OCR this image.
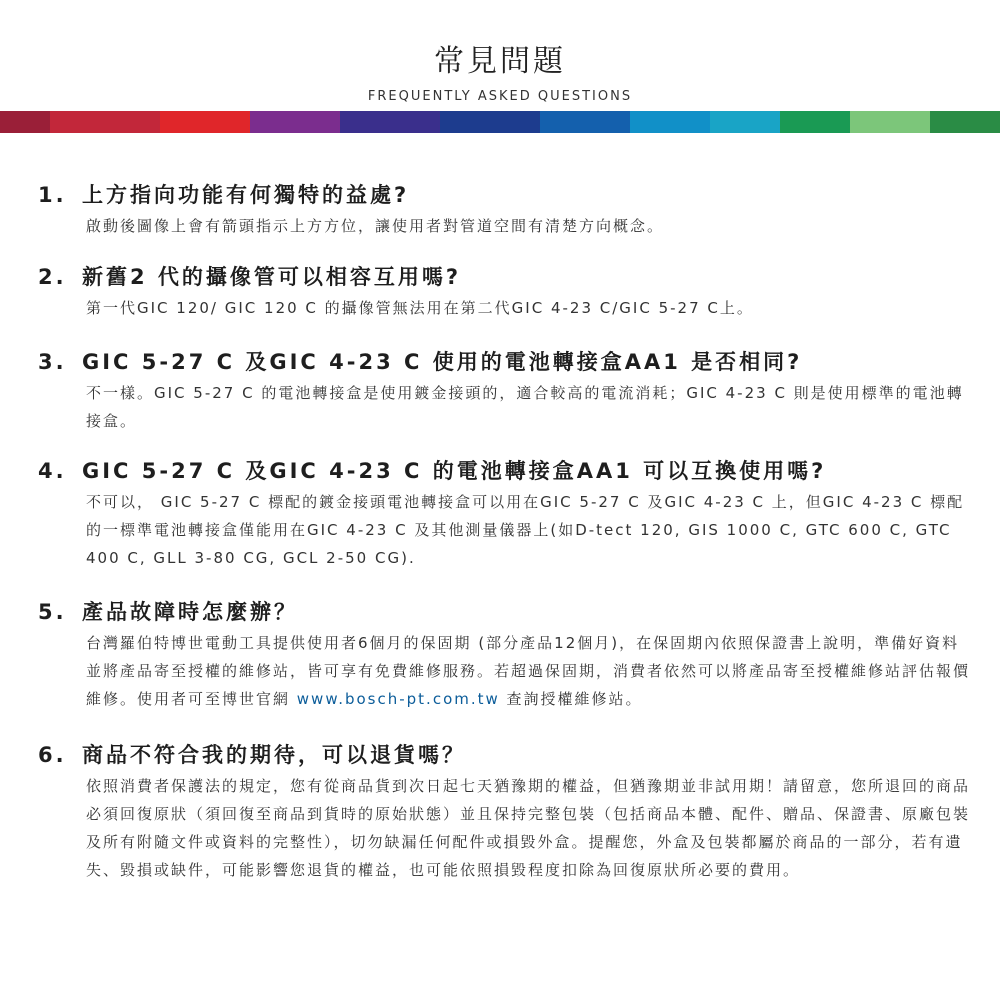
常見問題
FREQUENTLY ASKED QUESTIONS
1. 上方指向功能有何獨特的益處?
啟動後圖像上會有箭頭指示上方方位，讓使用者對管道空間有清楚方向概念。
2. 新舊2 代的攝像管可以相容互用嗎?
第一代GIC 120/ GIC 120 C 的攝像管無法用在第二代GIC 4-23 C/GIC 5-27 C上。
3. GIC 5-27 C 及GIC 4-23 C 使用的電池轉接盒AA1 是否相同?
不一樣。GIC 5-27 C 的電池轉接盒是使用鍍金接頭的，適合較高的電流消耗；GIC 4-23 C 則是使用標準的電池轉接盒。
4. GIC 5-27 C 及GIC 4-23 C 的電池轉接盒AA1 可以互換使用嗎?
不可以， GIC 5-27 C 標配的鍍金接頭電池轉接盒可以用在GIC 5-27 C 及GIC 4-23 C 上，但GIC 4-23 C 標配的一標準電池轉接盒僅能用在GIC 4-23 C 及其他測量儀器上(如D-tect 120, GIS 1000 C, GTC 600 C, GTC 400 C, GLL 3-80 CG, GCL 2-50 CG).
5. 產品故障時怎麼辦？
台灣羅伯特博世電動工具提供使用者6個月的保固期 (部分產品12個月)，在保固期內依照保證書上說明，準備好資料並將產品寄至授權的維修站，皆可享有免費維修服務。若超過保固期，消費者依然可以將產品寄至授權維修站評估報價維修。使用者可至博世官網 www.bosch-pt.com.tw 查詢授權維修站。
6. 商品不符合我的期待，可以退貨嗎？
依照消費者保護法的規定，您有從商品貨到次日起七天猶豫期的權益，但猶豫期並非試用期！請留意，您所退回的商品必須回復原狀（須回復至商品到貨時的原始狀態）並且保持完整包裝（包括商品本體、配件、贈品、保證書、原廠包裝及所有附隨文件或資料的完整性），切勿缺漏任何配件或損毀外盒。提醒您，外盒及包裝都屬於商品的一部分，若有遺失、毀損或缺件，可能影響您退貨的權益，也可能依照損毀程度扣除為回復原狀所必要的費用。
